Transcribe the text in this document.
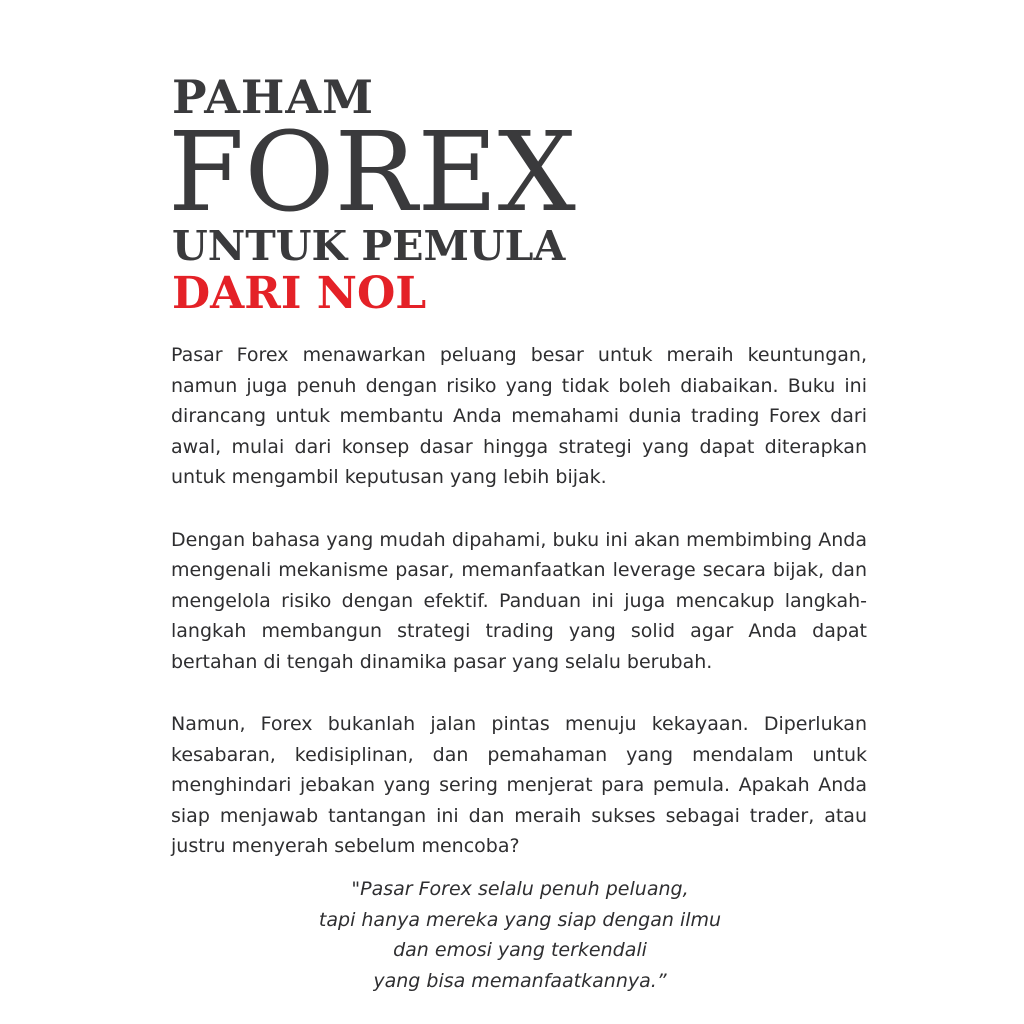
PAHAM
FOREX
UNTUK PEMULA
DARI NOL

Pasar Forex menawarkan peluang besar untuk meraih keuntungan, namun juga penuh dengan risiko yang tidak boleh diabaikan. Buku ini dirancang untuk membantu Anda memahami dunia trading Forex dari awal, mulai dari konsep dasar hingga strategi yang dapat diterapkan untuk mengambil keputusan yang lebih bijak.

Dengan bahasa yang mudah dipahami, buku ini akan membimbing Anda mengenali mekanisme pasar, memanfaatkan leverage secara bijak, dan mengelola risiko dengan efektif. Panduan ini juga mencakup langkah-langkah membangun strategi trading yang solid agar Anda dapat bertahan di tengah dinamika pasar yang selalu berubah.

Namun, Forex bukanlah jalan pintas menuju kekayaan. Diperlukan kesabaran, kedisiplinan, dan pemahaman yang mendalam untuk menghindari jebakan yang sering menjerat para pemula. Apakah Anda siap menjawab tantangan ini dan meraih sukses sebagai trader, atau justru menyerah sebelum mencoba?

"Pasar Forex selalu penuh peluang,
tapi hanya mereka yang siap dengan ilmu
dan emosi yang terkendali
yang bisa memanfaatkannya.”
